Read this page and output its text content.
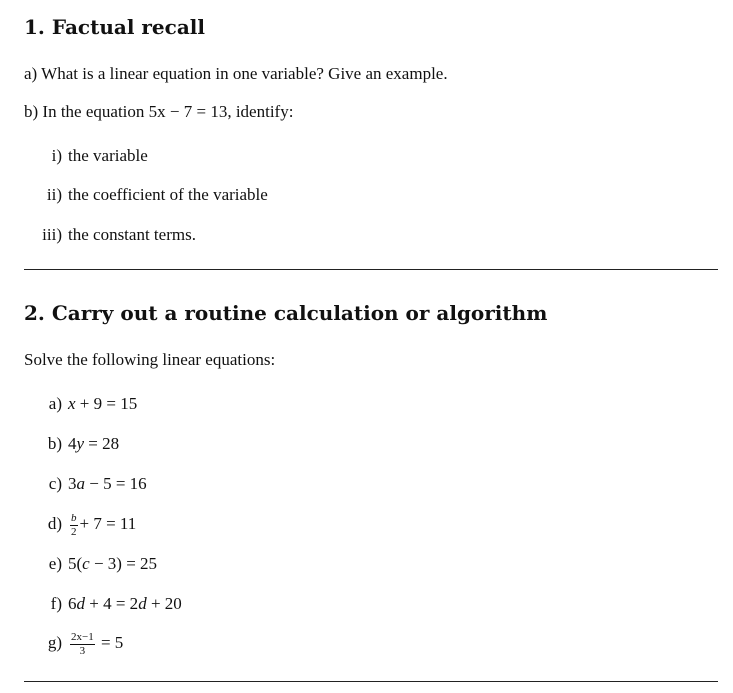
1. Factual recall
a) What is a linear equation in one variable? Give an example.
b) In the equation 5x − 7 = 13, identify:
i) the variable
ii) the coefficient of the variable
iii) the constant terms.
2. Carry out a routine calculation or algorithm
Solve the following linear equations:
a) x + 9 = 15
b) 4y = 28
c) 3a − 5 = 16
$d) \frac{b}{2} + 7 = 11$
e) 5(c − 3) = 25
f) 6d + 4 = 2d + 20
$g) \frac{2x-1}{3} = 5$
